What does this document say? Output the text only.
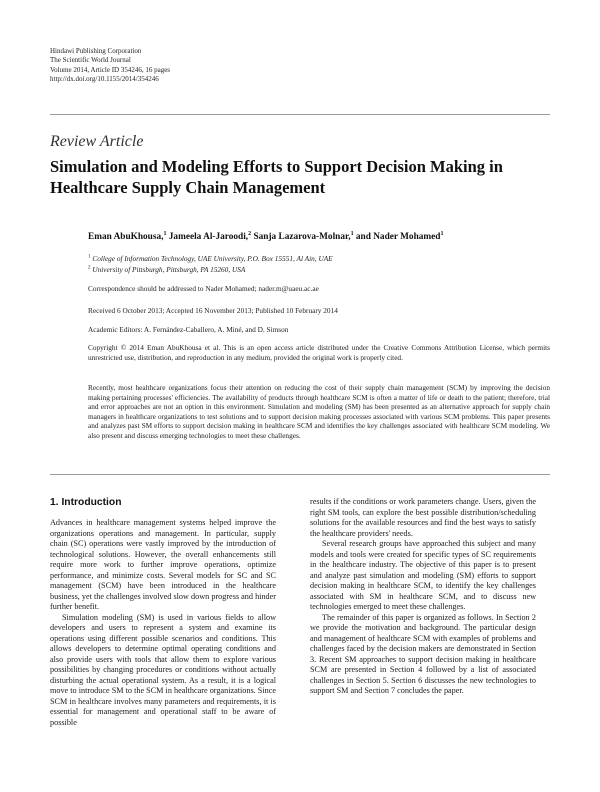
Hindawi Publishing Corporation
The Scientific World Journal
Volume 2014, Article ID 354246, 16 pages
http://dx.doi.org/10.1155/2014/354246
Review Article
Simulation and Modeling Efforts to Support Decision Making in Healthcare Supply Chain Management
Eman AbuKhousa,$^1$ Jameela Al-Jaroodi,$^2$ Sanja Lazarova-Molnar,$^1$ and Nader Mohamed$^1$
$^1$ College of Information Technology, UAE University, P.O. Box 15551, Al Ain, UAE
$^2$ University of Pittsburgh, Pittsburgh, PA 15260, USA
Correspondence should be addressed to Nader Mohamed; nader.m@uaeu.ac.ae
Received 6 October 2013; Accepted 16 November 2013; Published 10 February 2014
Academic Editors: A. Fernández-Caballero, A. Miné, and D. Simson
Copyright © 2014 Eman AbuKhousa et al. This is an open access article distributed under the Creative Commons Attribution License, which permits unrestricted use, distribution, and reproduction in any medium, provided the original work is properly cited.
Recently, most healthcare organizations focus their attention on reducing the cost of their supply chain management (SCM) by improving the decision making pertaining processes' efficiencies. The availability of products through healthcare SCM is often a matter of life or death to the patient; therefore, trial and error approaches are not an option in this environment. Simulation and modeling (SM) has been presented as an alternative approach for supply chain managers in healthcare organizations to test solutions and to support decision making processes associated with various SCM problems. This paper presents and analyzes past SM efforts to support decision making in healthcare SCM and identifies the key challenges associated with healthcare SCM modeling. We also present and discuss emerging technologies to meet these challenges.
1. Introduction

Advances in healthcare management systems helped improve the organizations operations and management. In particular, supply chain (SC) operations were vastly improved by the introduction of technological solutions. However, the overall enhancements still require more work to further improve operations, optimize performance, and minimize costs. Several models for SC and SC management (SCM) have been introduced in the healthcare business, yet the challenges involved slow down progress and hinder further benefit.

Simulation modeling (SM) is used in various fields to allow developers and users to represent a system and examine its operations using different possible scenarios and conditions. This allows developers to determine optimal operating conditions and also provide users with tools that allow them to explore various possibilities by changing procedures or conditions without actually disturbing the actual operational system. As a result, it is a logical move to introduce SM to the SCM in healthcare organizations. Since SCM in healthcare involves many parameters and requirements, it is essential for management and operational staff to be aware of possible

results if the conditions or work parameters change. Users, given the right SM tools, can explore the best possible distribution/scheduling solutions for the available resources and find the best ways to satisfy the healthcare providers' needs.

Several research groups have approached this subject and many models and tools were created for specific types of SC requirements in the healthcare industry. The objective of this paper is to present and analyze past simulation and modeling (SM) efforts to support decision making in healthcare SCM, to identify the key challenges associated with SM in healthcare SCM, and to discuss new technologies emerged to meet these challenges.

The remainder of this paper is organized as follows. In Section 2 we provide the motivation and background. The particular design and management of healthcare SCM with examples of problems and challenges faced by the decision makers are demonstrated in Section 3. Recent SM approaches to support decision making in healthcare SCM are presented in Section 4 followed by a list of associated challenges in Section 5. Section 6 discusses the new technologies to support SM and Section 7 concludes the paper.
